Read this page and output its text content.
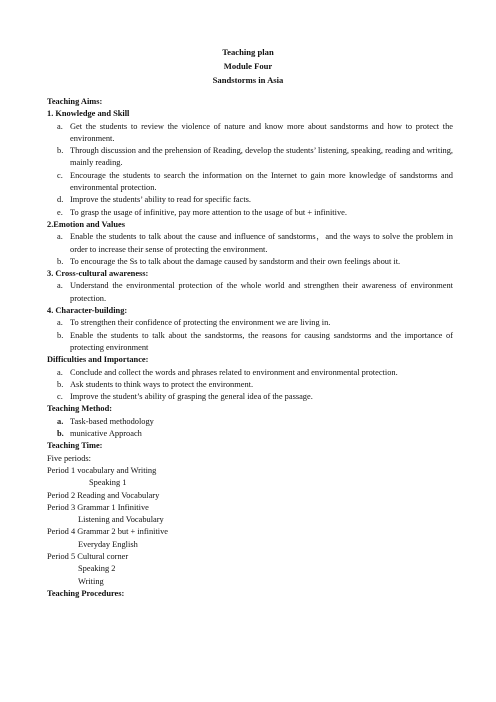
Teaching plan
Module Four
Sandstorms in Asia
Teaching Aims:
1. Knowledge and Skill
a. Get the students to review the violence of nature and know more about sandstorms and how to protect the environment.
b. Through discussion and the prehension of Reading, develop the students’ listening, speaking, reading and writing, mainly reading.
c. Encourage the students to search the information on the Internet to gain more knowledge of sandstorms and environmental protection.
d. Improve the students’ ability to read for specific facts.
e. To grasp the usage of infinitive, pay more attention to the usage of but + infinitive.
2.Emotion and Values
a. Enable the students to talk about the cause and influence of sandstorms，and the ways to solve the problem in order to increase their sense of protecting the environment.
b. To encourage the Ss to talk about the damage caused by sandstorm and their own feelings about it.
3. Cross-cultural awareness:
a. Understand the environmental protection of the whole world and strengthen their awareness of environment protection.
4. Character-building:
a. To strengthen their confidence of protecting the environment we are living in.
b. Enable the students to talk about the sandstorms, the reasons for causing sandstorms and the importance of protecting environment
Difficulties and Importance:
a. Conclude and collect the words and phrases related to environment and environmental protection.
b. Ask students to think ways to protect the environment.
c. Improve the student’s ability of grasping the general idea of the passage.
Teaching Method:
a. Task-based methodology
b. municative Approach
Teaching Time:
Five periods:
Period 1 vocabulary and Writing
Speaking 1
Period 2 Reading and Vocabulary
Period 3 Grammar 1 Infinitive
Listening and Vocabulary
Period 4 Grammar 2 but + infinitive
Everyday English
Period 5 Cultural corner
Speaking 2
Writing
Teaching Procedures:
